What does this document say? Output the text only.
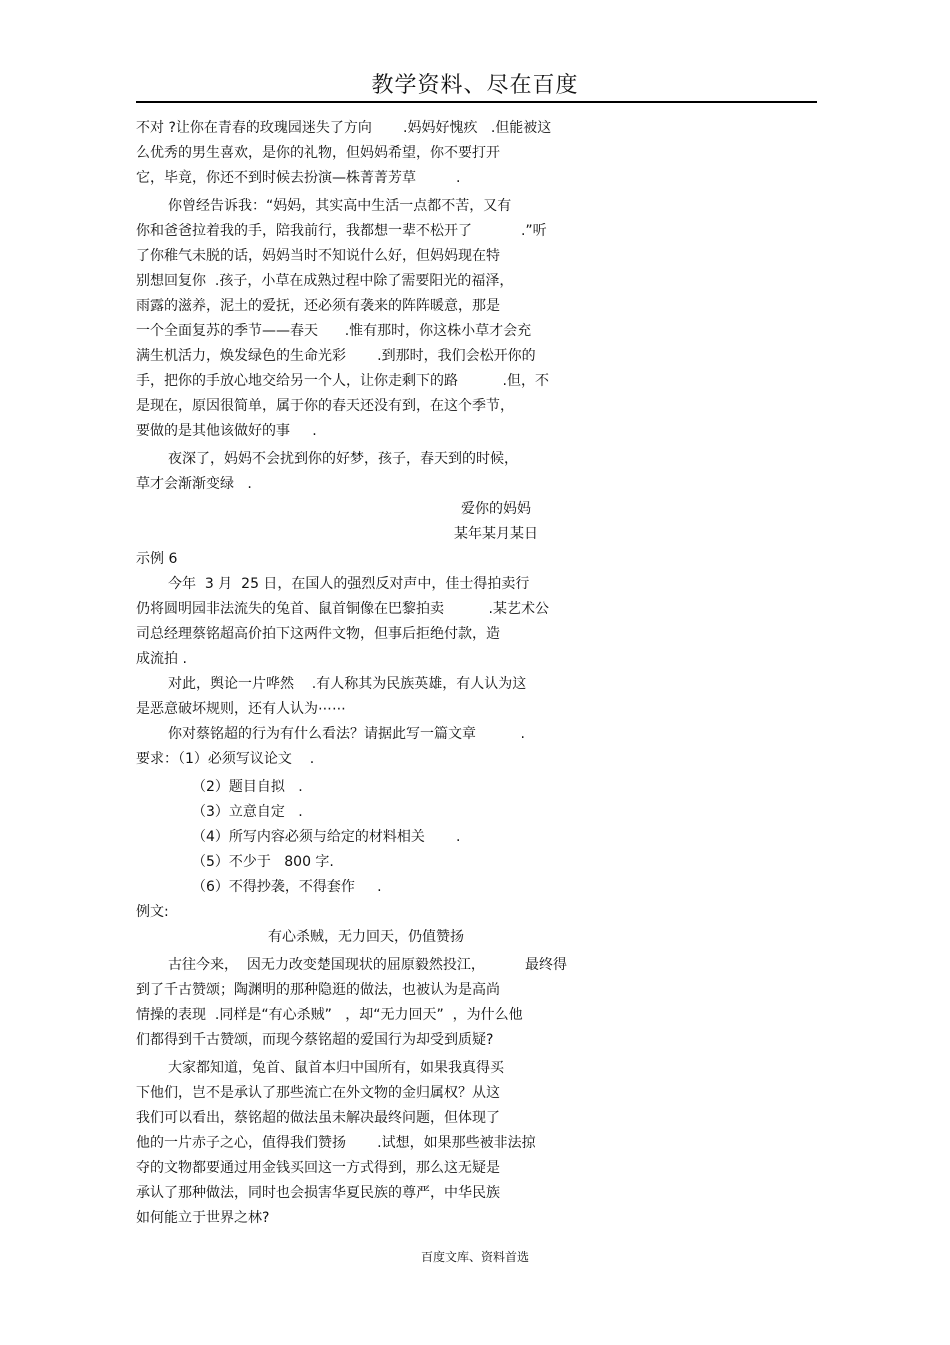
教学资料、尽在百度
不对 ?让你在青春的玫瑰园迷失了方向       .妈妈好愧疚   .但能被这
么优秀的男生喜欢，是你的礼物，但妈妈希望，你不要打开
它，毕竟，你还不到时候去扮演—株菁菁芳草         .
你曾经告诉我：“妈妈，其实高中生活一点都不苦，又有
你和爸爸拉着我的手，陪我前行，我都想一辈不松开了           .”听
了你稚气未脱的话，妈妈当时不知说什么好，但妈妈现在特
别想回复你  .孩子，小草在成熟过程中除了需要阳光的福泽，
雨露的滋养，泥土的爱抚，还必须有袭来的阵阵暖意，那是
一个全面复苏的季节——春天      .惟有那时，你这株小草才会充
满生机活力，焕发绿色的生命光彩       .到那时，我们会松开你的
手，把你的手放心地交给另一个人，让你走剩下的路          .但，不
是现在，原因很简单，属于你的春天还没有到，在这个季节，
要做的是其他该做好的事     .
夜深了，妈妈不会扰到你的好梦，孩子，春天到的时候，
草才会渐渐变绿   .
爱你的妈妈
某年某月某日
示例 6
今年  3 月  25 日，在国人的强烈反对声中，佳士得拍卖行
仍将圆明园非法流失的兔首、鼠首铜像在巴黎拍卖          .某艺术公
司总经理蔡铭超高价拍下这两件文物，但事后拒绝付款，造
成流拍 .
对此，舆论一片哗然    .有人称其为民族英雄，有人认为这
是恶意破坏规则，还有人认为⋯⋯
你对蔡铭超的行为有什么看法？请据此写一篇文章          .
要求：（1）必须写议论文    .
（2）题目自拟   .
（3）立意自定   .
（4）所写内容必须与给定的材料相关       .
（5）不少于   800 字.
（6）不得抄袭，不得套作     .
例文:
有心杀贼，无力回天，仍值赞扬
古往今来，  因无力改变楚国现状的屈原毅然投江，         最终得
到了千古赞颂；陶渊明的那种隐逛的做法，也被认为是高尚
情操的表现  .同样是“有心杀贼”   ，却“无力回天”  ，为什么他
们都得到千古赞颂，而现今蔡铭超的爱国行为却受到质疑?
大家都知道，兔首、鼠首本归中国所有，如果我真得买
下他们，岂不是承认了那些流亡在外文物的金归属权？从这
我们可以看出，蔡铭超的做法虽未解决最终问题，但体现了
他的一片赤子之心，值得我们赞扬       .试想，如果那些被非法掠
夺的文物都要通过用金钱买回这一方式得到，那么这无疑是
承认了那种做法，同时也会损害华夏民族的尊严，中华民族
如何能立于世界之林?
百度文库、资料首选
